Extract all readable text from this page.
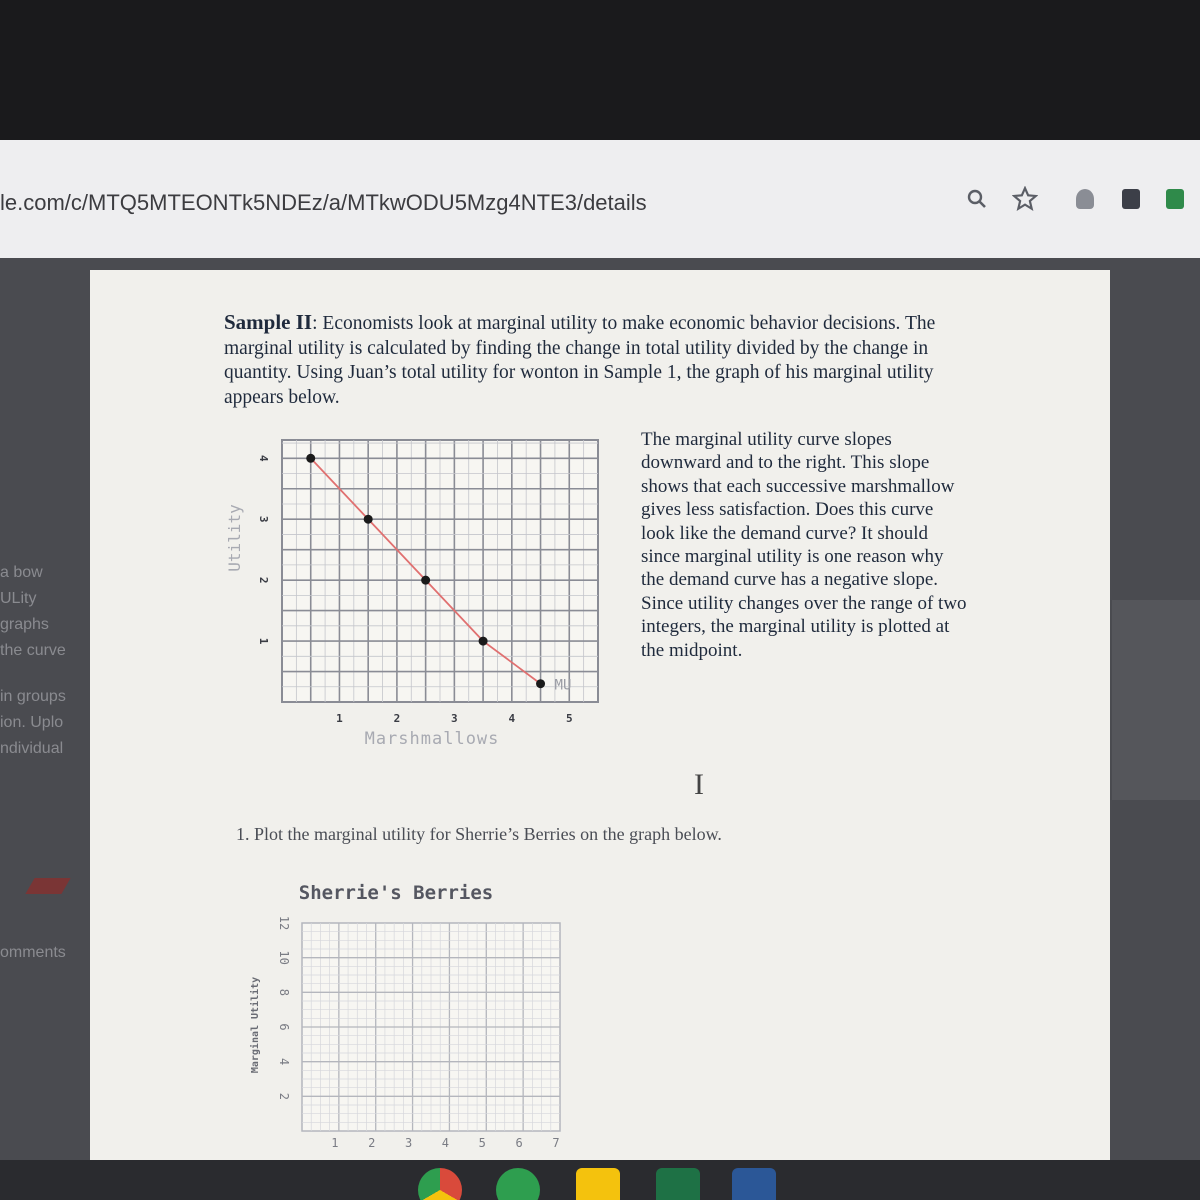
le.com/c/MTQ5MTEONTk5NDEz/a/MTkwODU5Mzg4NTE3/details
a bow
ULity
graphs
the curve
in groups
ion. Uplo
ndividual
omments
Sample II: Economists look at marginal utility to make economic behavior decisions. The marginal utility is calculated by finding the change in total utility divided by the change in quantity. Using Juan’s total utility for wonton in Sample 1, the graph of his marginal utility appears below.
The marginal utility curve slopes downward and to the right. This slope shows that each successive marshmallow gives less satisfaction. Does this curve look like the demand curve? It should since marginal utility is one reason why the demand curve has a negative slope. Since utility changes over the range of two integers, the marginal utility is plotted at the midpoint.
MU
1	2	3	4	5
1
2
3
4
Marshmallows
Utility
1. Plot the marginal utility for Sherrie’s Berries on the graph below.
I
Sherrie's Berries
1 2 3 4 5 6 7
2
4
6
8
10
12
Marginal Utility
